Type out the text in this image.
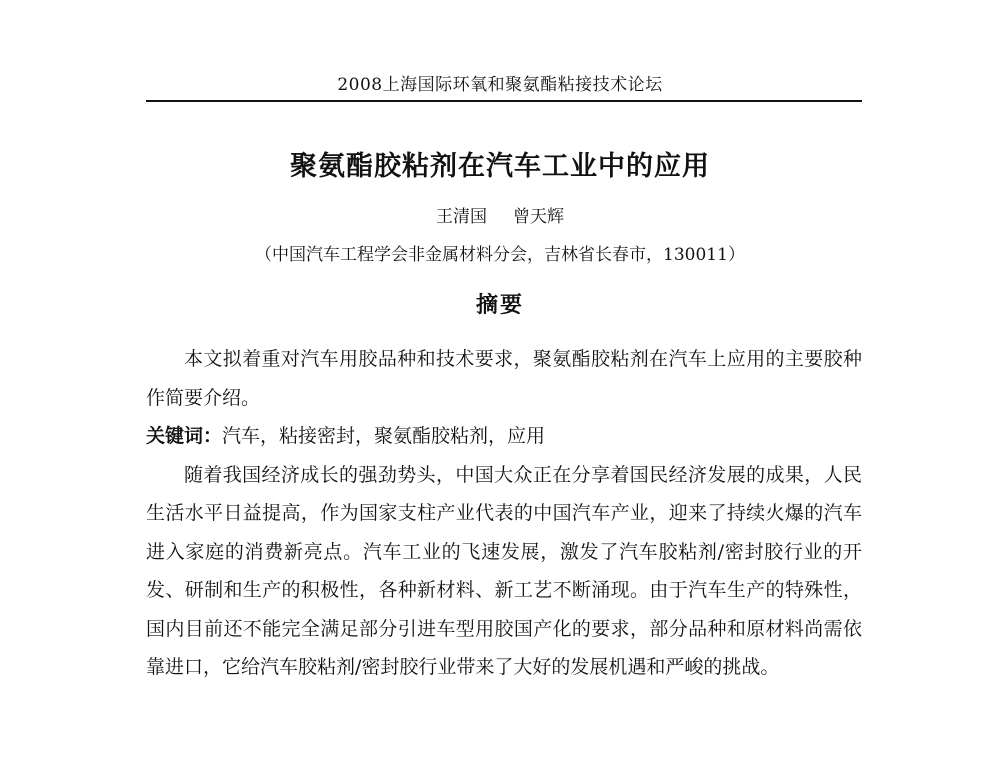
2008上海国际环氧和聚氨酯粘接技术论坛
聚氨酯胶粘剂在汽车工业中的应用
王清国 曾天辉
（中国汽车工程学会非金属材料分会，吉林省长春市，130011）
摘要

本文拟着重对汽车用胶品种和技术要求，聚氨酯胶粘剂在汽车上应用的主要胶种作简要介绍。

关键词：汽车，粘接密封，聚氨酯胶粘剂，应用

随着我国经济成长的强劲势头，中国大众正在分享着国民经济发展的成果，人民生活水平日益提高，作为国家支柱产业代表的中国汽车产业，迎来了持续火爆的汽车进入家庭的消费新亮点。汽车工业的飞速发展，激发了汽车胶粘剂/密封胶行业的开发、研制和生产的积极性，各种新材料、新工艺不断涌现。由于汽车生产的特殊性，国内目前还不能完全满足部分引进车型用胶国产化的要求，部分品种和原材料尚需依靠进口，它给汽车胶粘剂/密封胶行业带来了大好的发展机遇和严峻的挑战。
